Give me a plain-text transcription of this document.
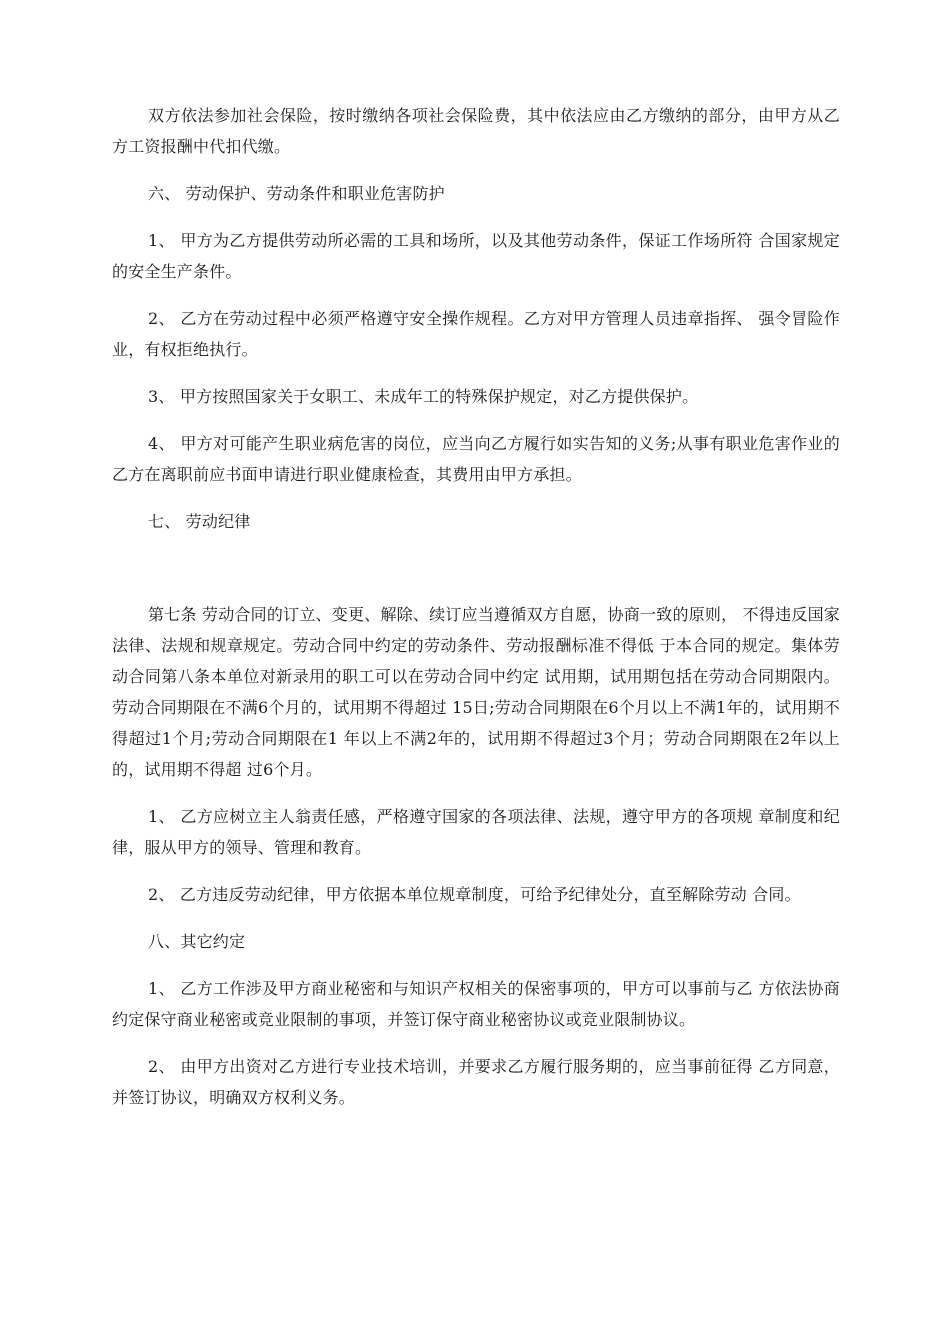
双方依法参加社会保险，按时缴纳各项社会保险费，其中依法应由乙方缴纳的部分，由甲方从乙方工资报酬中代扣代缴。

六、 劳动保护、劳动条件和职业危害防护

1、 甲方为乙方提供劳动所必需的工具和场所，以及其他劳动条件，保证工作场所符 合国家规定的安全生产条件。

2、 乙方在劳动过程中必须严格遵守安全操作规程。乙方对甲方管理人员违章指挥、 强令冒险作业，有权拒绝执行。

3、 甲方按照国家关于女职工、未成年工的特殊保护规定，对乙方提供保护。

4、 甲方对可能产生职业病危害的岗位，应当向乙方履行如实告知的义务;从事有职业危害作业的乙方在离职前应书面申请进行职业健康检查，其费用由甲方承担。

七、 劳动纪律

第七条 劳动合同的订立、变更、解除、续订应当遵循双方自愿，协商一致的原则， 不得违反国家法律、法规和规章规定。劳动合同中约定的劳动条件、劳动报酬标准不得低 于本合同的规定。集体劳动合同第八条本单位对新录用的职工可以在劳动合同中约定 试用期，试用期包括在劳动合同期限内。劳动合同期限在不满6个月的，试用期不得超过 15日;劳动合同期限在6个月以上不满1年的，试用期不得超过1个月;劳动合同期限在1 年以上不满2年的，试用期不得超过3个月；劳动合同期限在2年以上的，试用期不得超 过6个月。

1、 乙方应树立主人翁责任感，严格遵守国家的各项法律、法规，遵守甲方的各项规 章制度和纪律，服从甲方的领导、管理和教育。

2、 乙方违反劳动纪律，甲方依据本单位规章制度，可给予纪律处分，直至解除劳动 合同。

八、其它约定

1、 乙方工作涉及甲方商业秘密和与知识产权相关的保密事项的，甲方可以事前与乙 方依法协商约定保守商业秘密或竞业限制的事项，并签订保守商业秘密协议或竞业限制协议。

2、 由甲方出资对乙方进行专业技术培训，并要求乙方履行服务期的，应当事前征得 乙方同意，并签订协议，明确双方权利义务。
